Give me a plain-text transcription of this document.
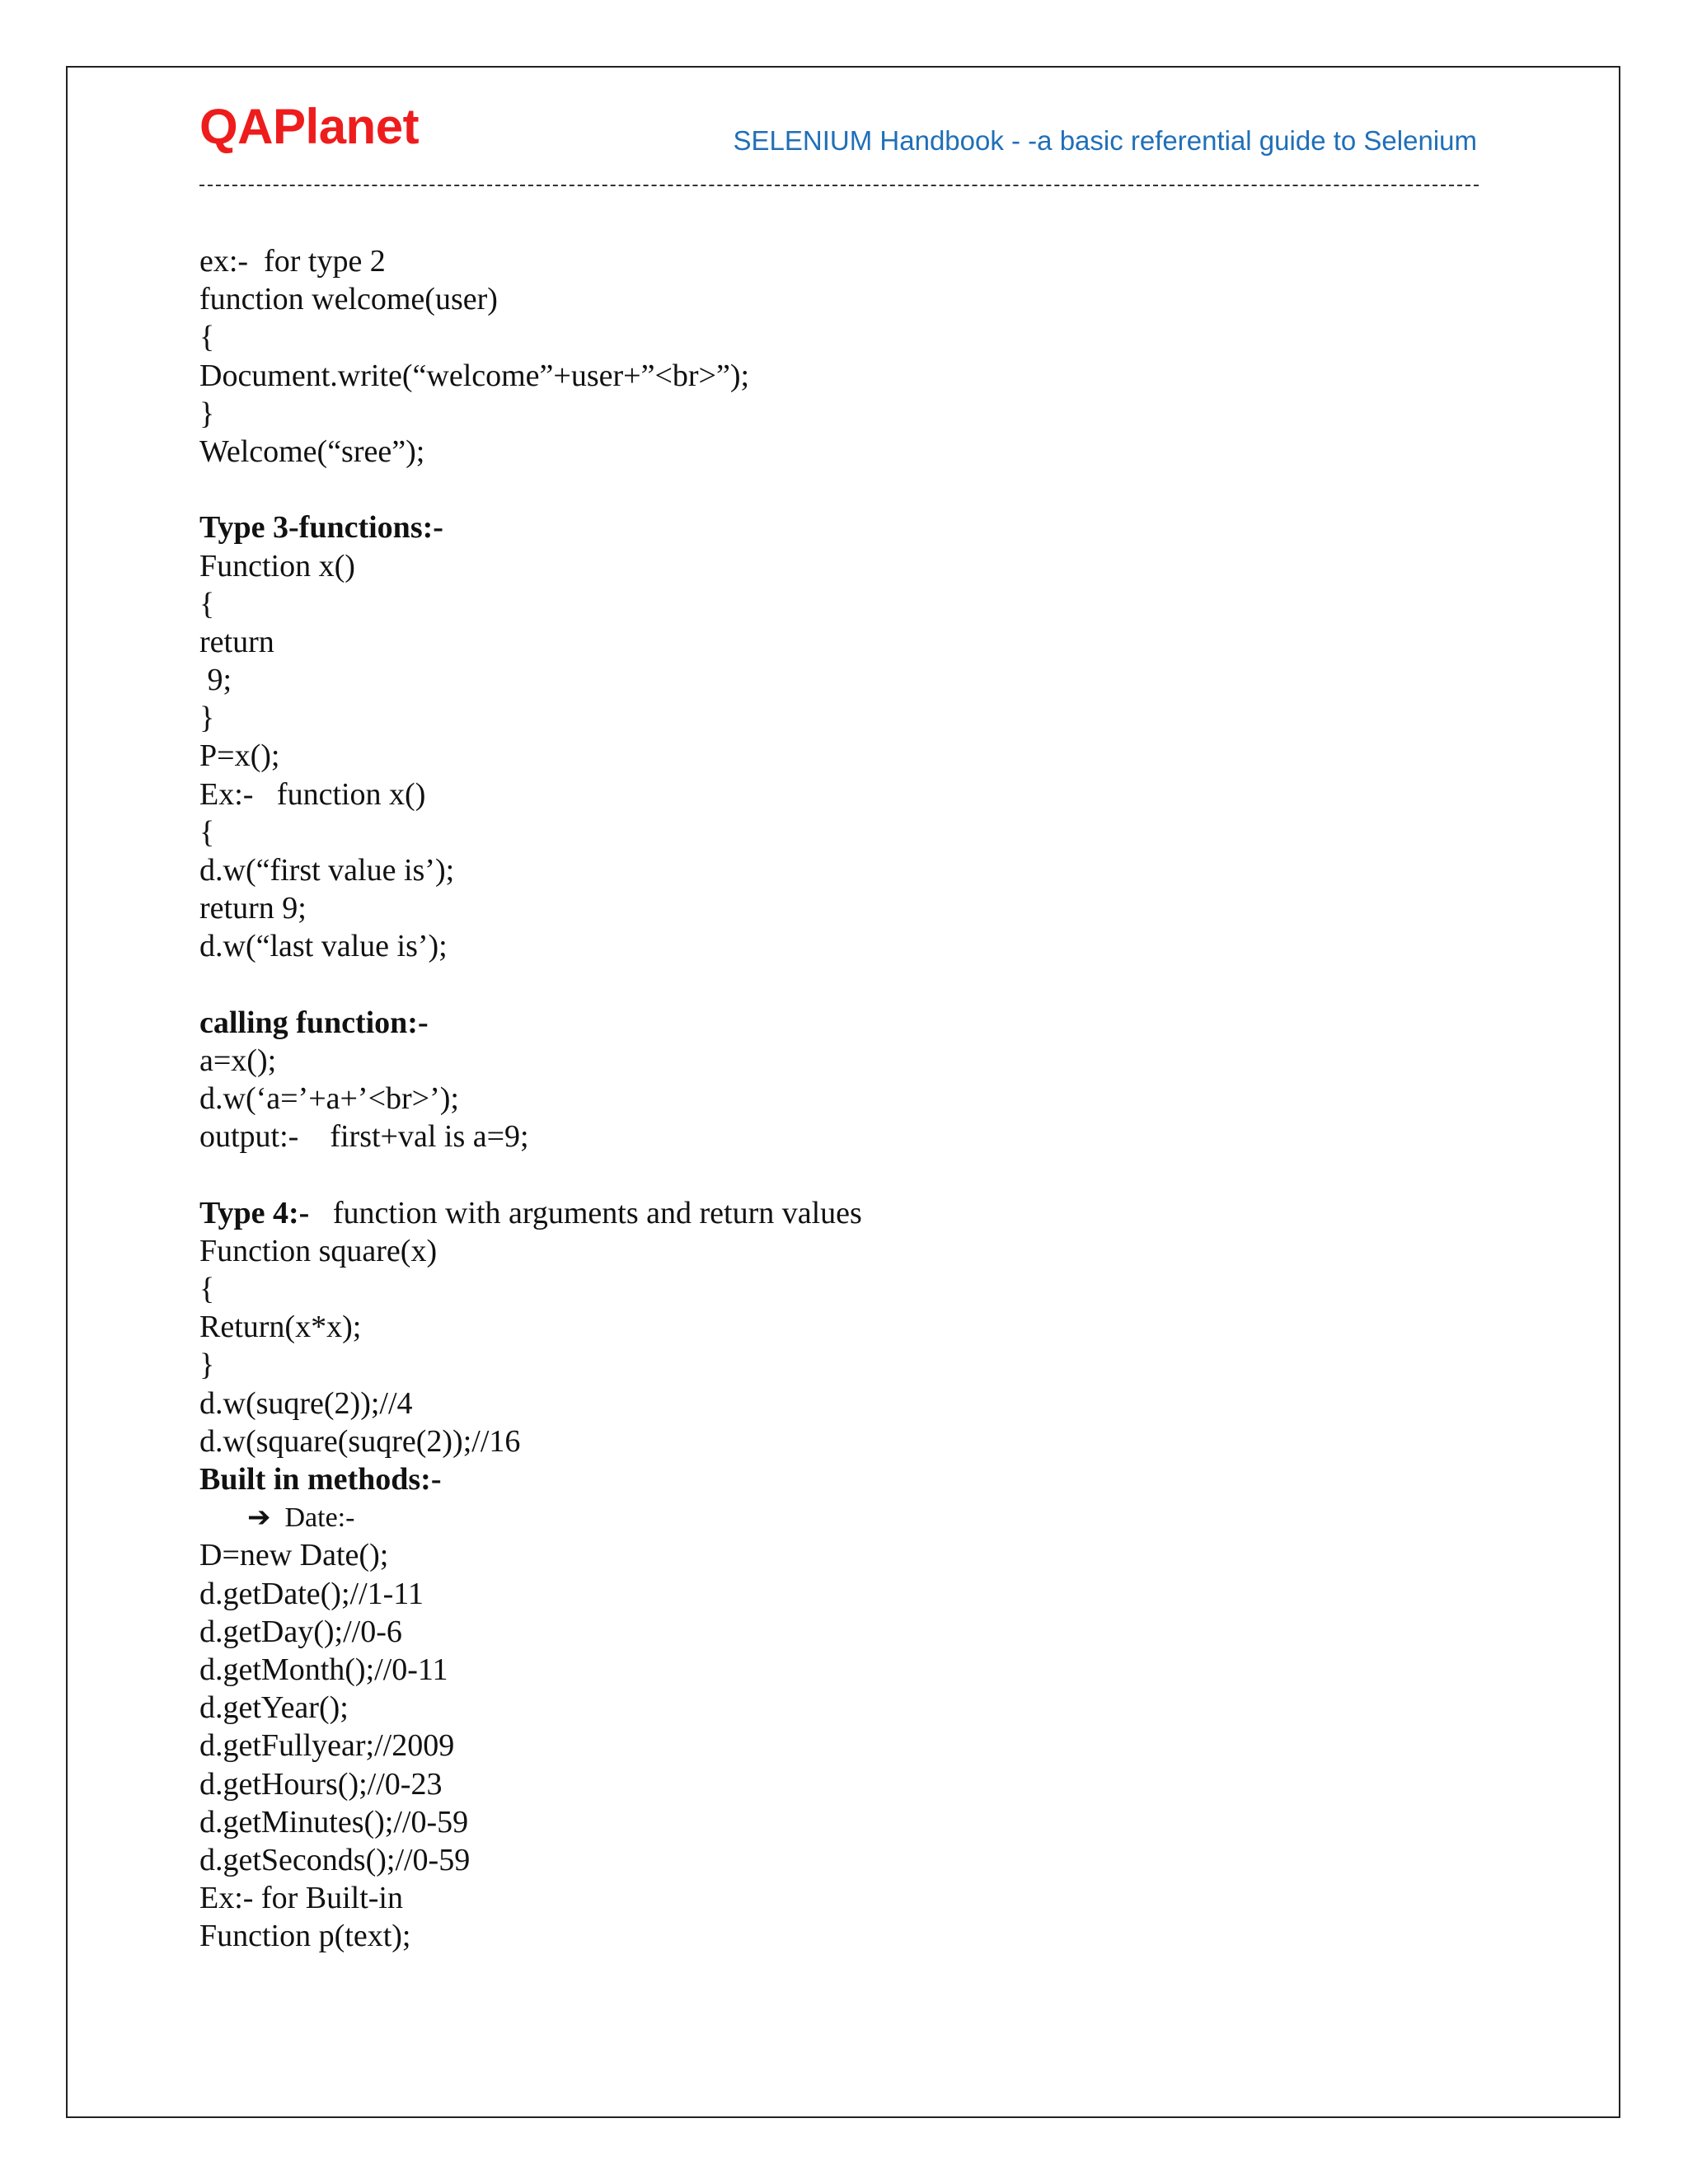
QAPlanet	SELENIUM Handbook - -a basic referential guide to Selenium
ex:-  for type 2
function welcome(user)
{
Document.write(“welcome”+user+”<br>”);
}
Welcome(“sree”);
Type 3-functions:-
Function x()
{
return
9;
}
P=x();
Ex:-   function x()
{
d.w(“first value is’);
return 9;
d.w(“last value is’);
calling function:-
a=x();
d.w(‘a=’+a+’<br>’);
output:-    first+val is a=9;
Type 4:-   function with arguments and return values
Function square(x)
{
Return(x*x);
}
d.w(suqre(2));//4
d.w(square(suqre(2));//16
Built in methods:-
➔ Date:-
D=new Date();
d.getDate();//1-11
d.getDay();//0-6
d.getMonth();//0-11
d.getYear();
d.getFullyear;//2009
d.getHours();//0-23
d.getMinutes();//0-59
d.getSeconds();//0-59
Ex:- for Built-in
Function p(text);
